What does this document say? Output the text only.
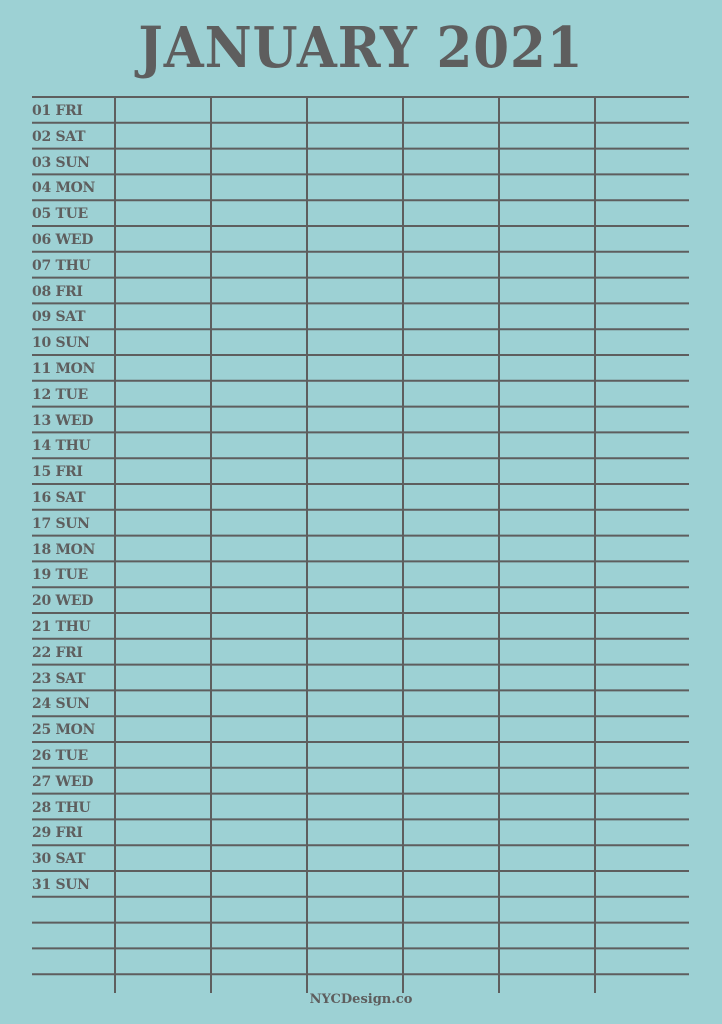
JANUARY 2021
01 FRI
02 SAT
03 SUN
04 MON
05 TUE
06 WED
07 THU
08 FRI
09 SAT
10 SUN
11 MON
12 TUE
13 WED
14 THU
15 FRI
16 SAT
17 SUN
18 MON
19 TUE
20 WED
21 THU
22 FRI
23 SAT
24 SUN
25 MON
26 TUE
27 WED
28 THU
29 FRI
30 SAT
31 SUN
NYCDesign.co
